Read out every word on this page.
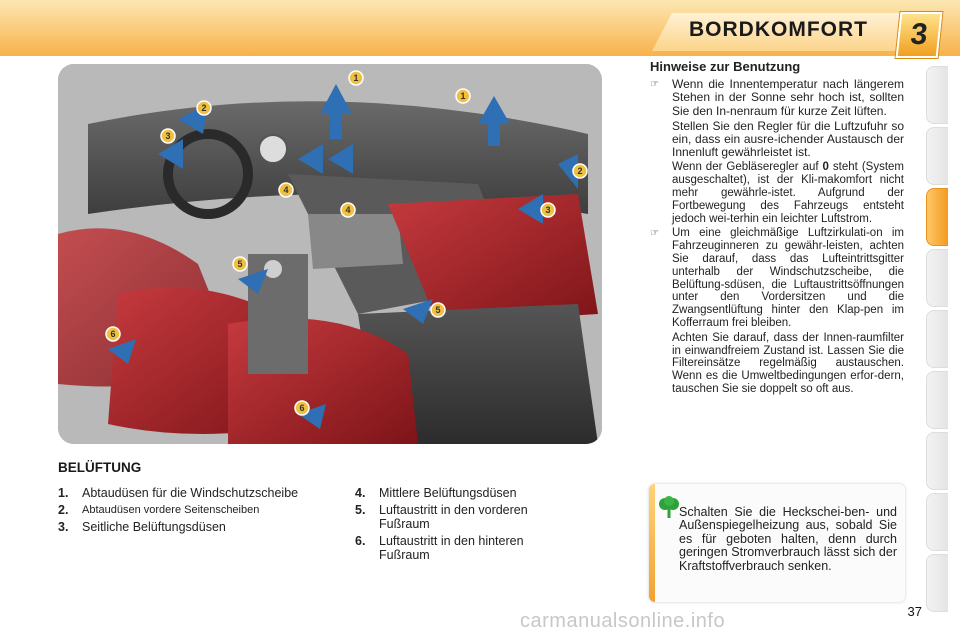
BORDKOMFORT	3
1
1
2
2
3
3
4
4
5
5
6
6
BELÜFTUNG
1.	Abtaudüsen für die Windschutzscheibe
2.	Abtaudüsen vordere Seitenscheiben
3.	Seitliche Belüftungsdüsen
4.	Mittlere Belüftungsdüsen
5.	Luftaustritt in den vorderen Fußraum
6.	Luftaustritt in den hinteren Fußraum
Hinweise zur Benutzung
☞	Wenn die Innentemperatur nach längerem Stehen in der Sonne sehr hoch ist, sollten Sie den In-nenraum für kurze Zeit lüften.
Stellen Sie den Regler für die Luftzufuhr so ein, dass ein ausre-ichender Austausch der Innenluft gewährleistet ist.
Wenn der Gebläseregler auf 0 steht (System ausgeschaltet), ist der Kli-makomfort nicht mehr gewährle-istet. Aufgrund der Fortbewegung des Fahrzeugs entsteht jedoch wei-terhin ein leichter Luftstrom.
☞	Um eine gleichmäßige Luftzirkulati-on im Fahrzeuginneren zu gewähr-leisten, achten Sie darauf, dass das Lufteintrittsgitter unterhalb der Windschutzscheibe, die Belüftung-sdüsen, die Luftaustrittsöffnungen unter den Vordersitzen und die Zwangsentlüftung hinter den Klap-pen im Kofferraum frei bleiben.
Achten Sie darauf, dass der Innen-raumfilter in einwandfreiem Zustand ist. Lassen Sie die Filtereinsätze regelmäßig austauschen. Wenn es die Umweltbedingungen erfor-dern, tauschen Sie sie doppelt so oft aus.
Schalten Sie die Heckschei-ben- und Außenspiegelheizung aus, sobald Sie es für geboten halten, denn durch geringen Stromverbrauch lässt sich der Kraftstoffverbrauch senken.
37
carmanualsonline.info
